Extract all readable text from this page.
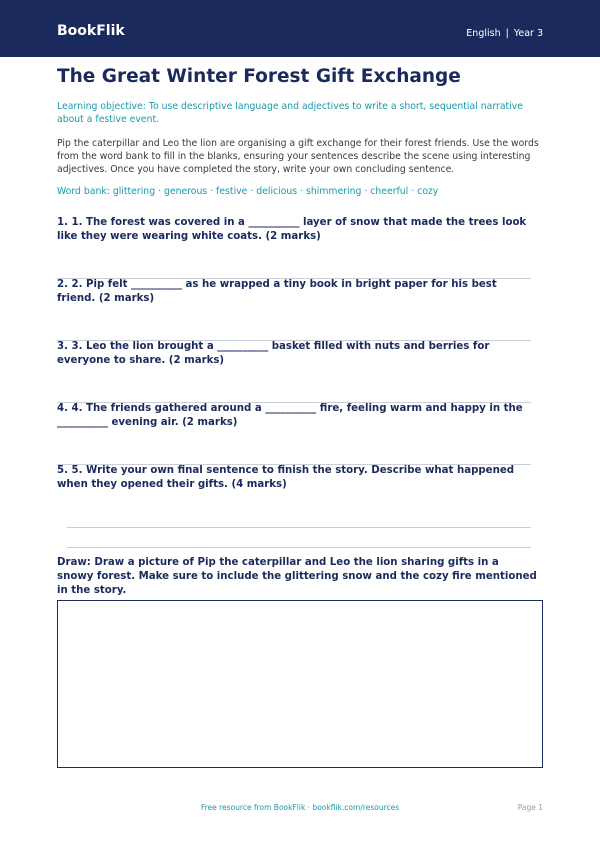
BookFlik	English | Year 3
The Great Winter Forest Gift Exchange
Learning objective: To use descriptive language and adjectives to write a short, sequential narrative about a festive event.
Pip the caterpillar and Leo the lion are organising a gift exchange for their forest friends. Use the words from the word bank to fill in the blanks, ensuring your sentences describe the scene using interesting adjectives. Once you have completed the story, write your own concluding sentence.
Word bank: glittering · generous · festive · delicious · shimmering · cheerful · cozy
1. 1. The forest was covered in a __________ layer of snow that made the trees look like they were wearing white coats. (2 marks)
2. 2. Pip felt __________ as he wrapped a tiny book in bright paper for his best friend. (2 marks)
3. 3. Leo the lion brought a __________ basket filled with nuts and berries for everyone to share. (2 marks)
4. 4. The friends gathered around a __________ fire, feeling warm and happy in the __________ evening air. (2 marks)
5. 5. Write your own final sentence to finish the story. Describe what happened when they opened their gifts. (4 marks)
Draw: Draw a picture of Pip the caterpillar and Leo the lion sharing gifts in a snowy forest. Make sure to include the glittering snow and the cozy fire mentioned in the story.
Free resource from BookFlik · bookflik.com/resources	Page 1
